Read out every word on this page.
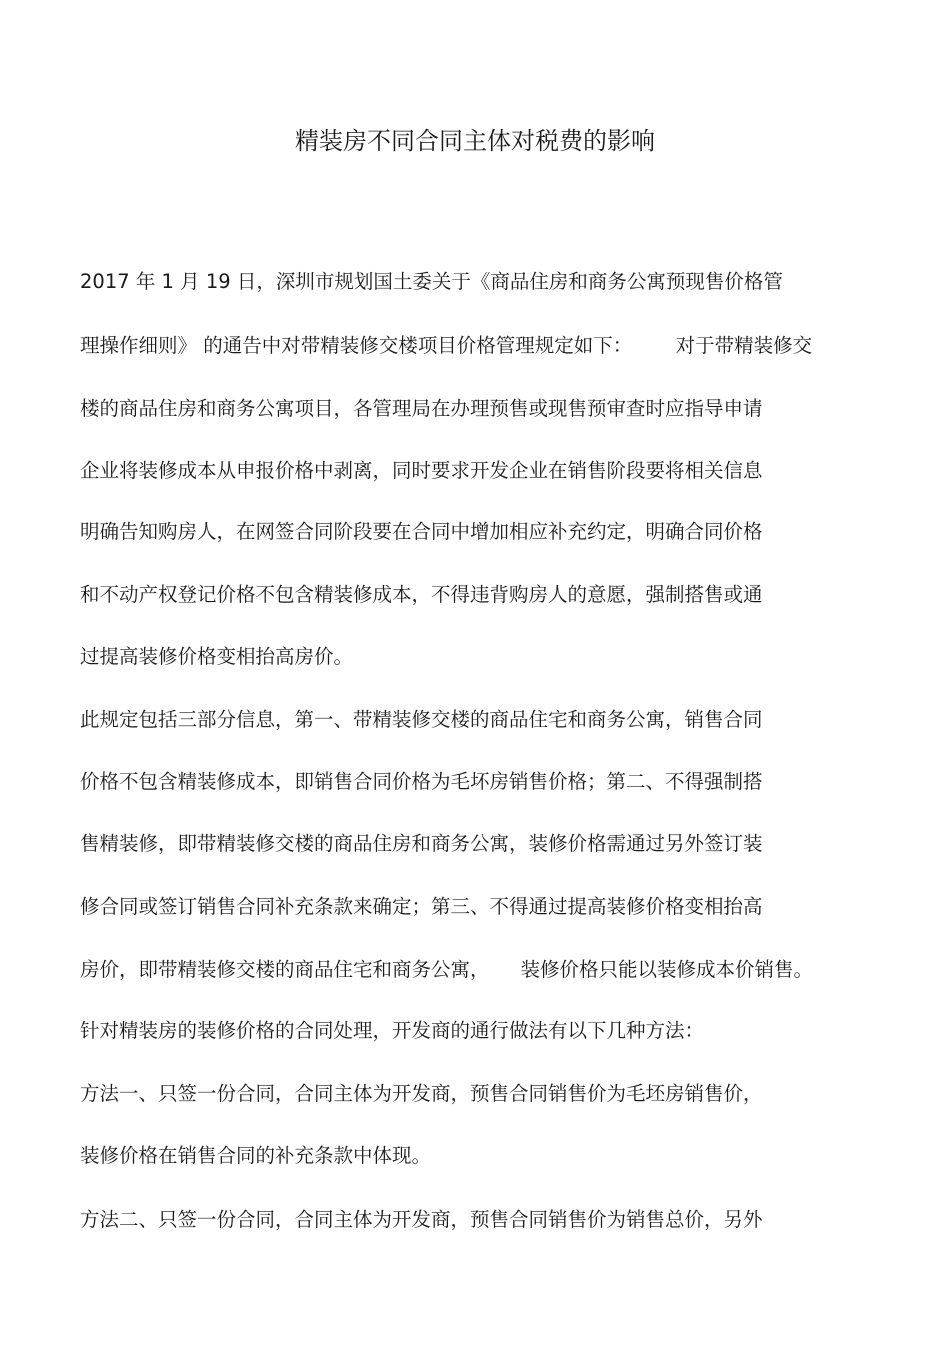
精装房不同合同主体对税费的影响
2017 年 1 月 19 日，深圳市规划国土委关于《商品住房和商务公寓预现售价格管
理操作细则》 的通告中对带精装修交楼项目价格管理规定如下：       对于带精装修交
楼的商品住房和商务公寓项目，各管理局在办理预售或现售预审查时应指导申请
企业将装修成本从申报价格中剥离，同时要求开发企业在销售阶段要将相关信息
明确告知购房人，在网签合同阶段要在合同中增加相应补充约定，明确合同价格
和不动产权登记价格不包含精装修成本，不得违背购房人的意愿，强制搭售或通
过提高装修价格变相抬高房价。
此规定包括三部分信息，第一、带精装修交楼的商品住宅和商务公寓，销售合同
价格不包含精装修成本，即销售合同价格为毛坏房销售价格；第二、不得强制搭
售精装修，即带精装修交楼的商品住房和商务公寓，装修价格需通过另外签订装
修合同或签订销售合同补充条款来确定；第三、不得通过提高装修价格变相抬高
房价，即带精装修交楼的商品住宅和商务公寓，     装修价格只能以装修成本价销售。
针对精装房的装修价格的合同处理，开发商的通行做法有以下几种方法：
方法一、只签一份合同，合同主体为开发商，预售合同销售价为毛坯房销售价，
装修价格在销售合同的补充条款中体现。
方法二、只签一份合同，合同主体为开发商，预售合同销售价为销售总价，另外
